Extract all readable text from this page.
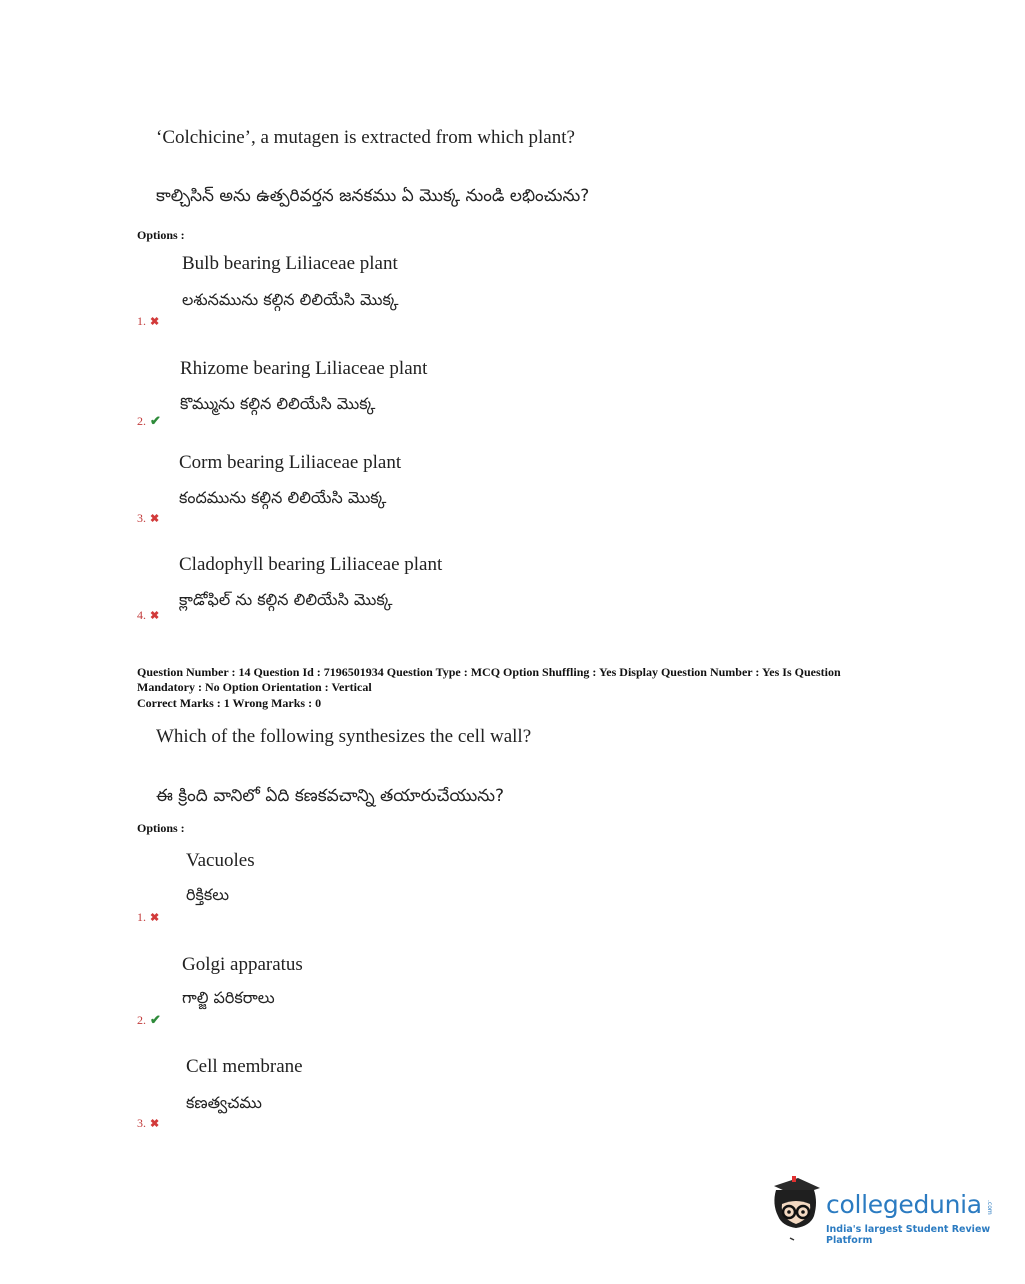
‘Colchicine’, a mutagen is extracted from which plant?
కాల్చిసిన్ అను ఉత్పరివర్తన జనకము ఏ మొక్క నుండి లభించును?
Options :
Bulb bearing Liliaceae plant
లశునమును కల్గిన లిలియేసి మొక్క
1. ✖
Rhizome bearing Liliaceae plant
కొమ్మును కల్గిన లిలియేసి మొక్క
2. ✔
Corm bearing Liliaceae plant
కందమును కల్గిన లిలియేసి మొక్క
3. ✖
Cladophyll bearing Liliaceae plant
క్లాడోఫిల్ ను కల్గిన లిలియేసి మొక్క
4. ✖
Question Number : 14 Question Id : 7196501934 Question Type : MCQ Option Shuffling : Yes Display Question Number : Yes Is Question
Mandatory : No Option Orientation : Vertical
Correct Marks : 1 Wrong Marks : 0
Which of the following synthesizes the cell wall?
ఈ క్రింది వానిలో ఏది కణకవచాన్ని తయారుచేయును?
Options :
Vacuoles
రిక్తికలు
1. ✖
Golgi apparatus
గాల్జి పరికరాలు
2. ✔
Cell membrane
కణత్వచము
3. ✖
collegedunia .com
India's largest Student Review Platform
